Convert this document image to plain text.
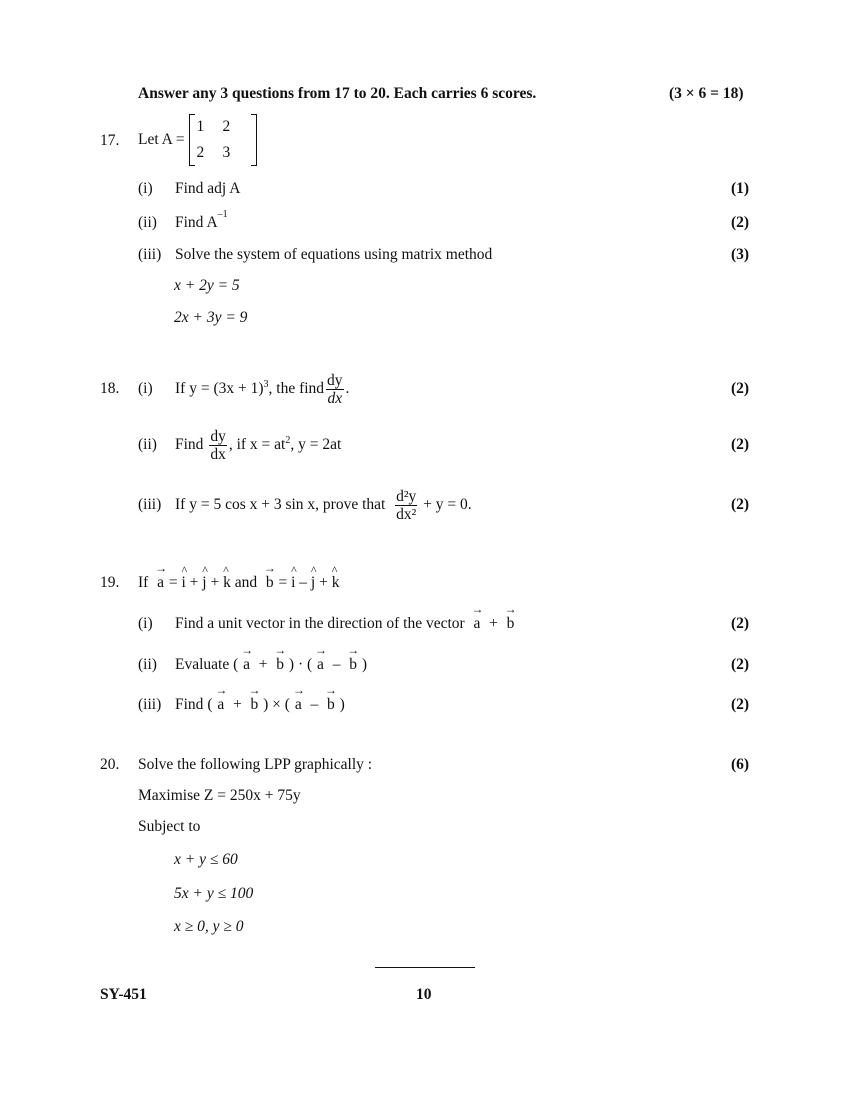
Answer any 3 questions from 17 to 20. Each carries 6 scores.	(3 × 6 = 18)
17. Let A =

1 2
2 3
(i) Find adj A	(1)
(ii) Find $A^{-1}$	(2)
(iii) Solve the system of equations using matrix method	(3)
x + 2y = 5
2x + 3y = 9
18. (i) If $y = (3x + 1)^3$ , the find $\frac{dy}{dx}$ .	(2)
(ii) Find
$\frac{dy}{dx}$ , if $x = at^2$ , y = 2at	(2)
(iii) If y = 5 cos x + 3 sin x, prove that
$\frac{\text{d²y}}{\text{dx²}}$
+ y = 0.	(2)
19. If → a = ^ i + ^ j + ^ k and → b = ^ i – ^ j + ^ k
(i) Find a unit vector in the direction of the vector → a  +  → b	(2)
(ii) Evaluate ( → a  +  → b ) · ( → a  –  → b )	(2)
(iii) Find ( → a  +  → b ) × ( → a  –  → b )	(2)
20. Solve the following LPP graphically :	(6)
Maximise Z = 250x + 75y
Subject to
x + y ≤ 60
5x + y ≤ 100
x ≥ 0, y ≥ 0
SY-451	10
